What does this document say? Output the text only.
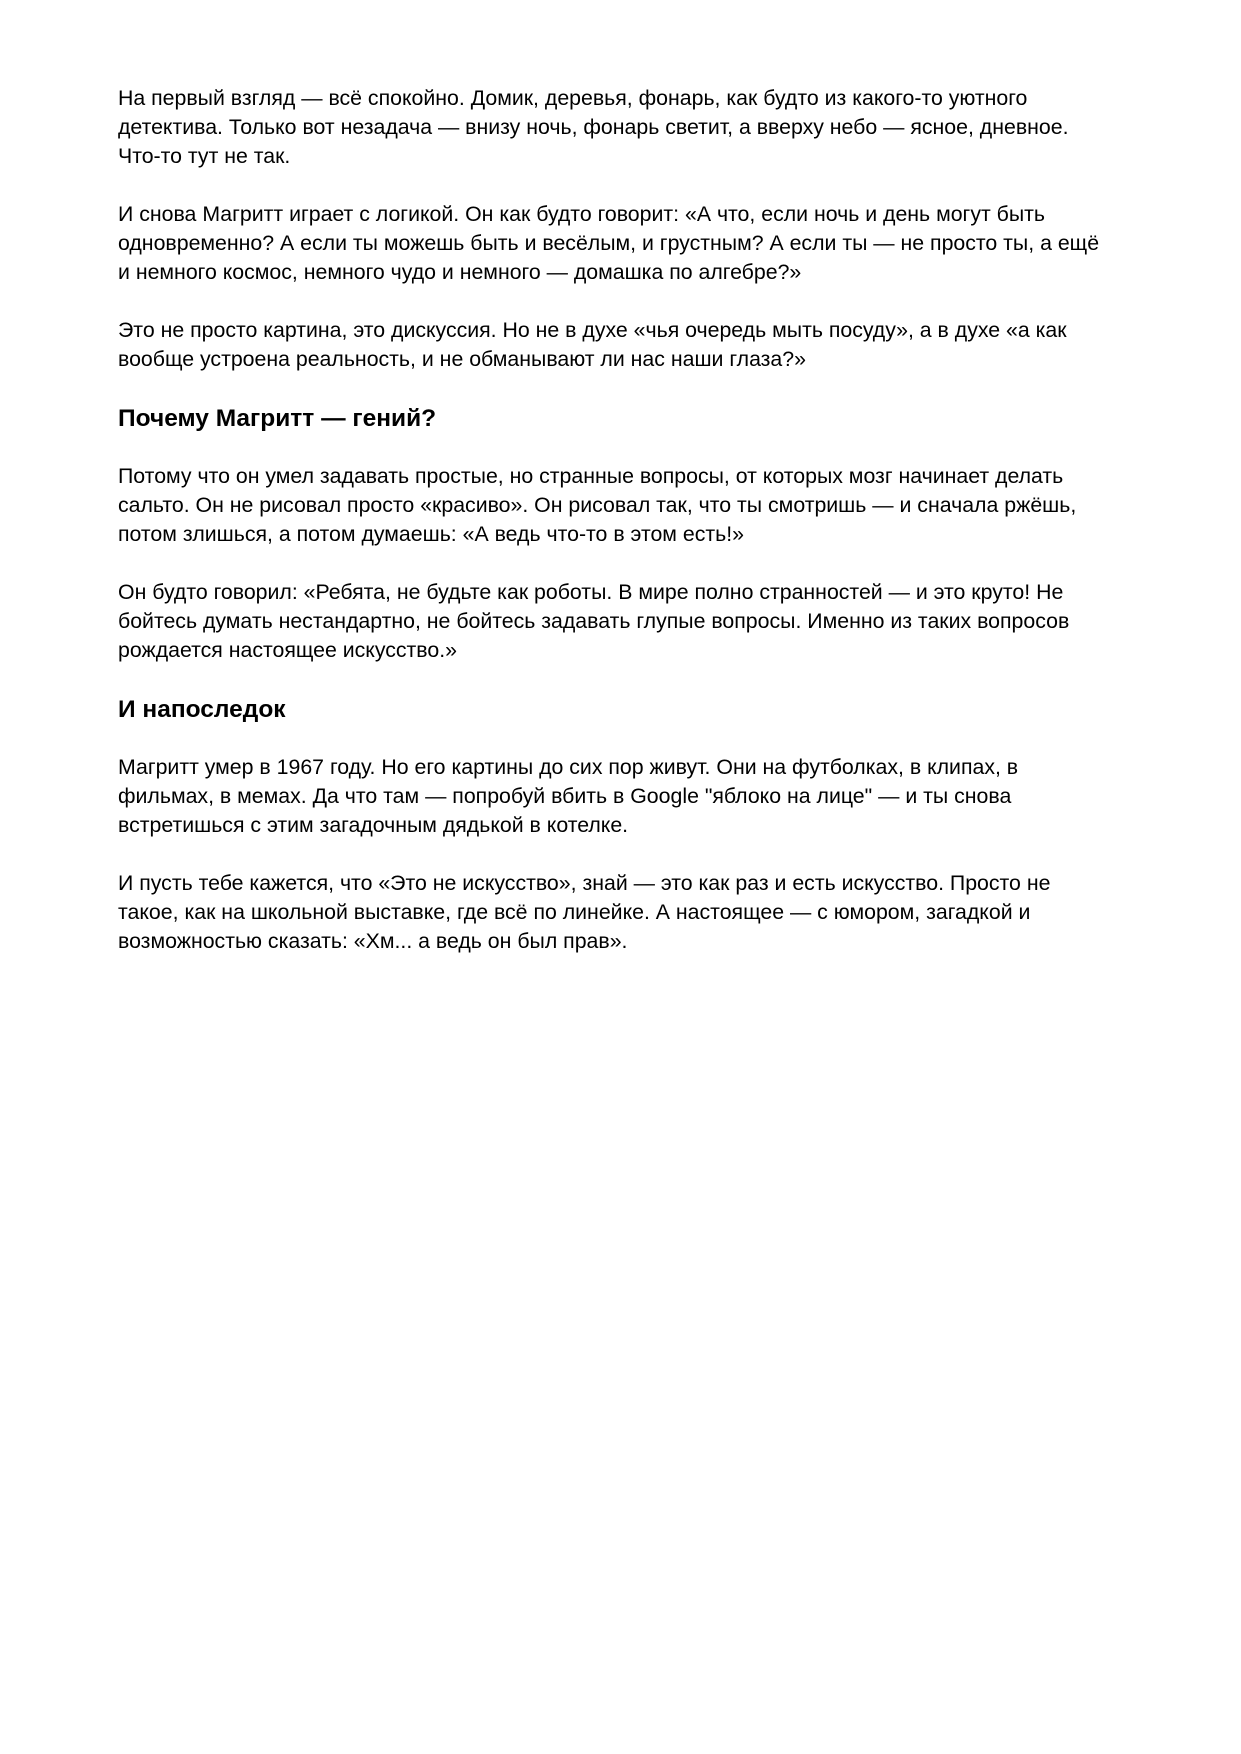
На первый взгляд — всё спокойно. Домик, деревья, фонарь, как будто из какого-то уютного
детектива. Только вот незадача — внизу ночь, фонарь светит, а вверху небо — ясное, дневное.
Что-то тут не так.

И снова Магритт играет с логикой. Он как будто говорит: «А что, если ночь и день могут быть
одновременно? А если ты можешь быть и весёлым, и грустным? А если ты — не просто ты, а ещё
и немного космос, немного чудо и немного — домашка по алгебре?»

Это не просто картина, это дискуссия. Но не в духе «чья очередь мыть посуду», а в духе «а как
вообще устроена реальность, и не обманывают ли нас наши глаза?»

Почему Магритт — гений?

Потому что он умел задавать простые, но странные вопросы, от которых мозг начинает делать
сальто. Он не рисовал просто «красиво». Он рисовал так, что ты смотришь — и сначала ржёшь,
потом злишься, а потом думаешь: «А ведь что-то в этом есть!»

Он будто говорил: «Ребята, не будьте как роботы. В мире полно странностей — и это круто! Не
бойтесь думать нестандартно, не бойтесь задавать глупые вопросы. Именно из таких вопросов
рождается настоящее искусство.»

И напоследок

Магритт умер в 1967 году. Но его картины до сих пор живут. Они на футболках, в клипах, в
фильмах, в мемах. Да что там — попробуй вбить в Google "яблоко на лице" — и ты снова
встретишься с этим загадочным дядькой в котелке.

И пусть тебе кажется, что «Это не искусство», знай — это как раз и есть искусство. Просто не
такое, как на школьной выставке, где всё по линейке. А настоящее — с юмором, загадкой и
возможностью сказать: «Хм... а ведь он был прав».
